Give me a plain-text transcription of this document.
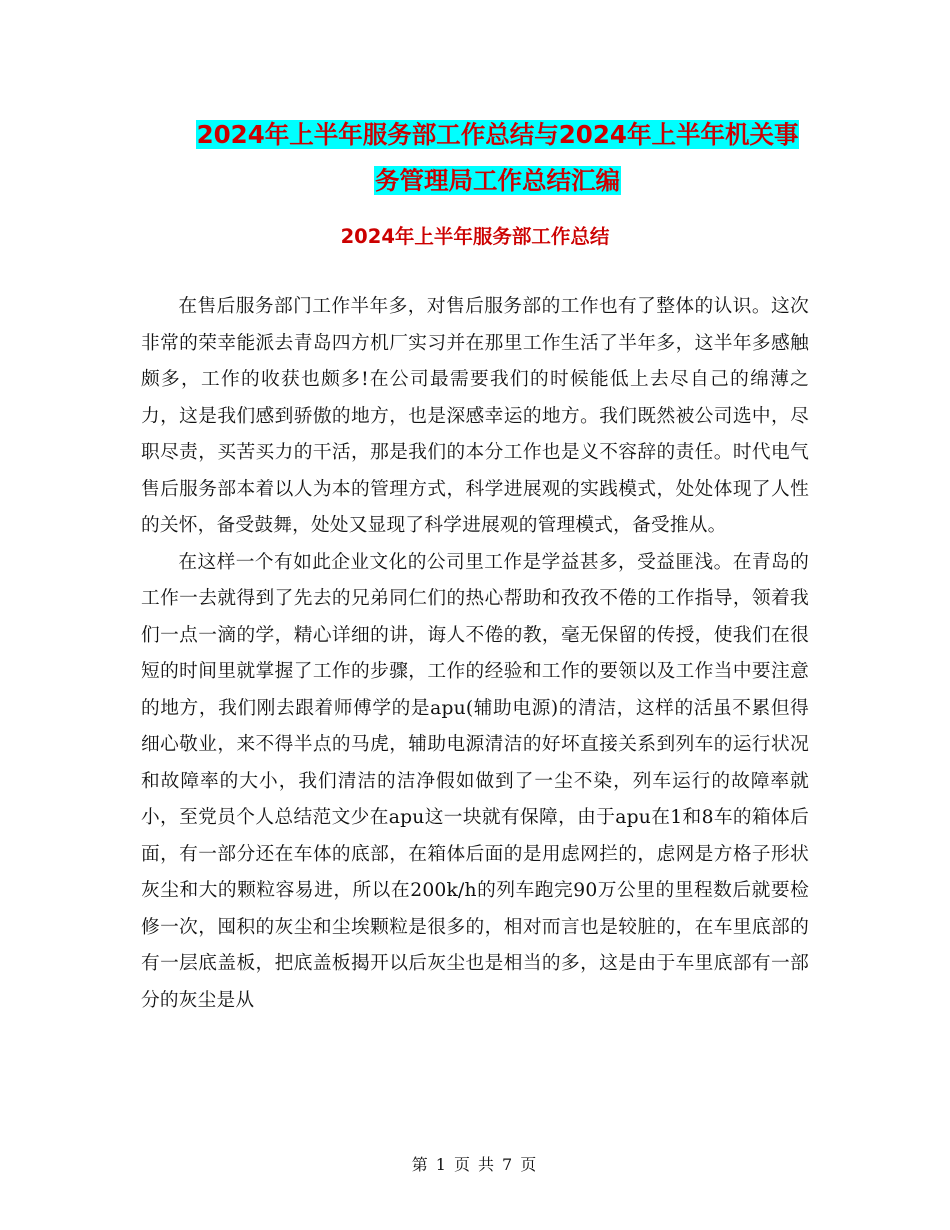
2024年上半年服务部工作总结与2024年上半年机关事
务管理局工作总结汇编
2024年上半年服务部工作总结

在售后服务部门工作半年多，对售后服务部的工作也有了整体的认识。这次非常的荣幸能派去青岛四方机厂实习并在那里工作生活了半年多，这半年多感触颇多，工作的收获也颇多!在公司最需要我们的时候能低上去尽自己的绵薄之力，这是我们感到骄傲的地方，也是深感幸运的地方。我们既然被公司选中，尽职尽责，买苦买力的干活，那是我们的本分工作也是义不容辞的责任。时代电气售后服务部本着以人为本的管理方式，科学进展观的实践模式，处处体现了人性的关怀，备受鼓舞，处处又显现了科学进展观的管理模式，备受推从。

在这样一个有如此企业文化的公司里工作是学益甚多，受益匪浅。在青岛的工作一去就得到了先去的兄弟同仁们的热心帮助和孜孜不倦的工作指导，领着我们一点一滴的学，精心详细的讲，诲人不倦的教，毫无保留的传授，使我们在很短的时间里就掌握了工作的步骤，工作的经验和工作的要领以及工作当中要注意的地方，我们刚去跟着师傅学的是apu(辅助电源)的清洁，这样的活虽不累但得细心敬业，来不得半点的马虎，辅助电源清洁的好坏直接关系到列车的运行状况和故障率的大小，我们清洁的洁净假如做到了一尘不染，列车运行的故障率就小，至党员个人总结范文少在apu这一块就有保障，由于apu在1和8车的箱体后面，有一部分还在车体的底部，在箱体后面的是用虑网拦的，虑网是方格子形状灰尘和大的颗粒容易进，所以在200k/h的列车跑完90万公里的里程数后就要检修一次，囤积的灰尘和尘埃颗粒是很多的，相对而言也是较脏的，在车里底部的有一层底盖板，把底盖板揭开以后灰尘也是相当的多，这是由于车里底部有一部分的灰尘是从

第 1 页 共 7 页
